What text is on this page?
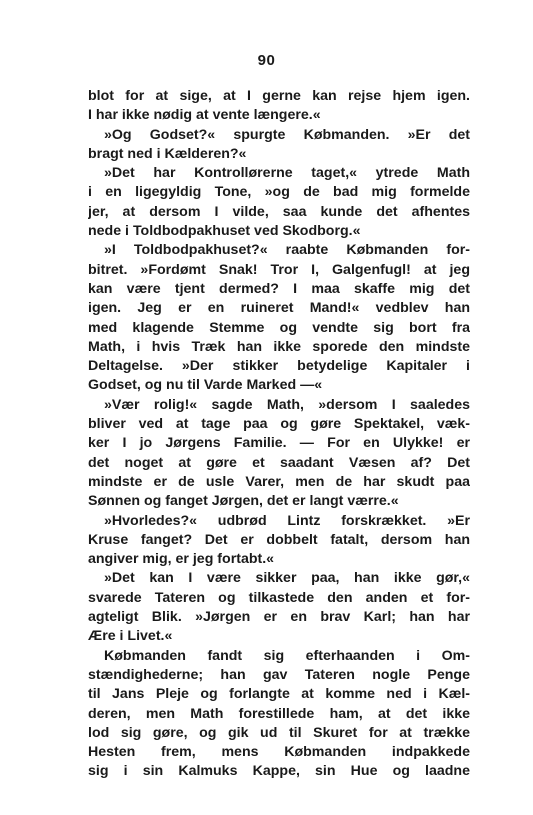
90
blot for at sige, at I gerne kan rejse hjem igen.
I har ikke nødig at vente længere.«
»Og Godset?« spurgte Købmanden. »Er det
bragt ned i Kælderen?«
»Det har Kontrollørerne taget,« ytrede Math
i en ligegyldig Tone, »og de bad mig formelde
jer, at dersom I vilde, saa kunde det afhentes
nede i Toldbodpakhuset ved Skodborg.«
»I Toldbodpakhuset?« raabte Købmanden for-
bitret. »Fordømt Snak! Tror I, Galgenfugl! at jeg
kan være tjent dermed? I maa skaffe mig det
igen. Jeg er en ruineret Mand!« vedblev han
med klagende Stemme og vendte sig bort fra
Math, i hvis Træk han ikke sporede den mindste
Deltagelse. »Der stikker betydelige Kapitaler i
Godset, og nu til Varde Marked —«
»Vær rolig!« sagde Math, »dersom I saaledes
bliver ved at tage paa og gøre Spektakel, væk-
ker I jo Jørgens Familie. — For en Ulykke! er
det noget at gøre et saadant Væsen af? Det
mindste er de usle Varer, men de har skudt paa
Sønnen og fanget Jørgen, det er langt værre.«
»Hvorledes?« udbrød Lintz forskrækket. »Er
Kruse fanget? Det er dobbelt fatalt, dersom han
angiver mig, er jeg fortabt.«
»Det kan I være sikker paa, han ikke gør,«
svarede Tateren og tilkastede den anden et for-
agteligt Blik. »Jørgen er en brav Karl; han har
Ære i Livet.«
Købmanden fandt sig efterhaanden i Om-
stændighederne; han gav Tateren nogle Penge
til Jans Pleje og forlangte at komme ned i Kæl-
deren, men Math forestillede ham, at det ikke
lod sig gøre, og gik ud til Skuret for at trække
Hesten frem, mens Købmanden indpakkede
sig i sin Kalmuks Kappe, sin Hue og laadne
